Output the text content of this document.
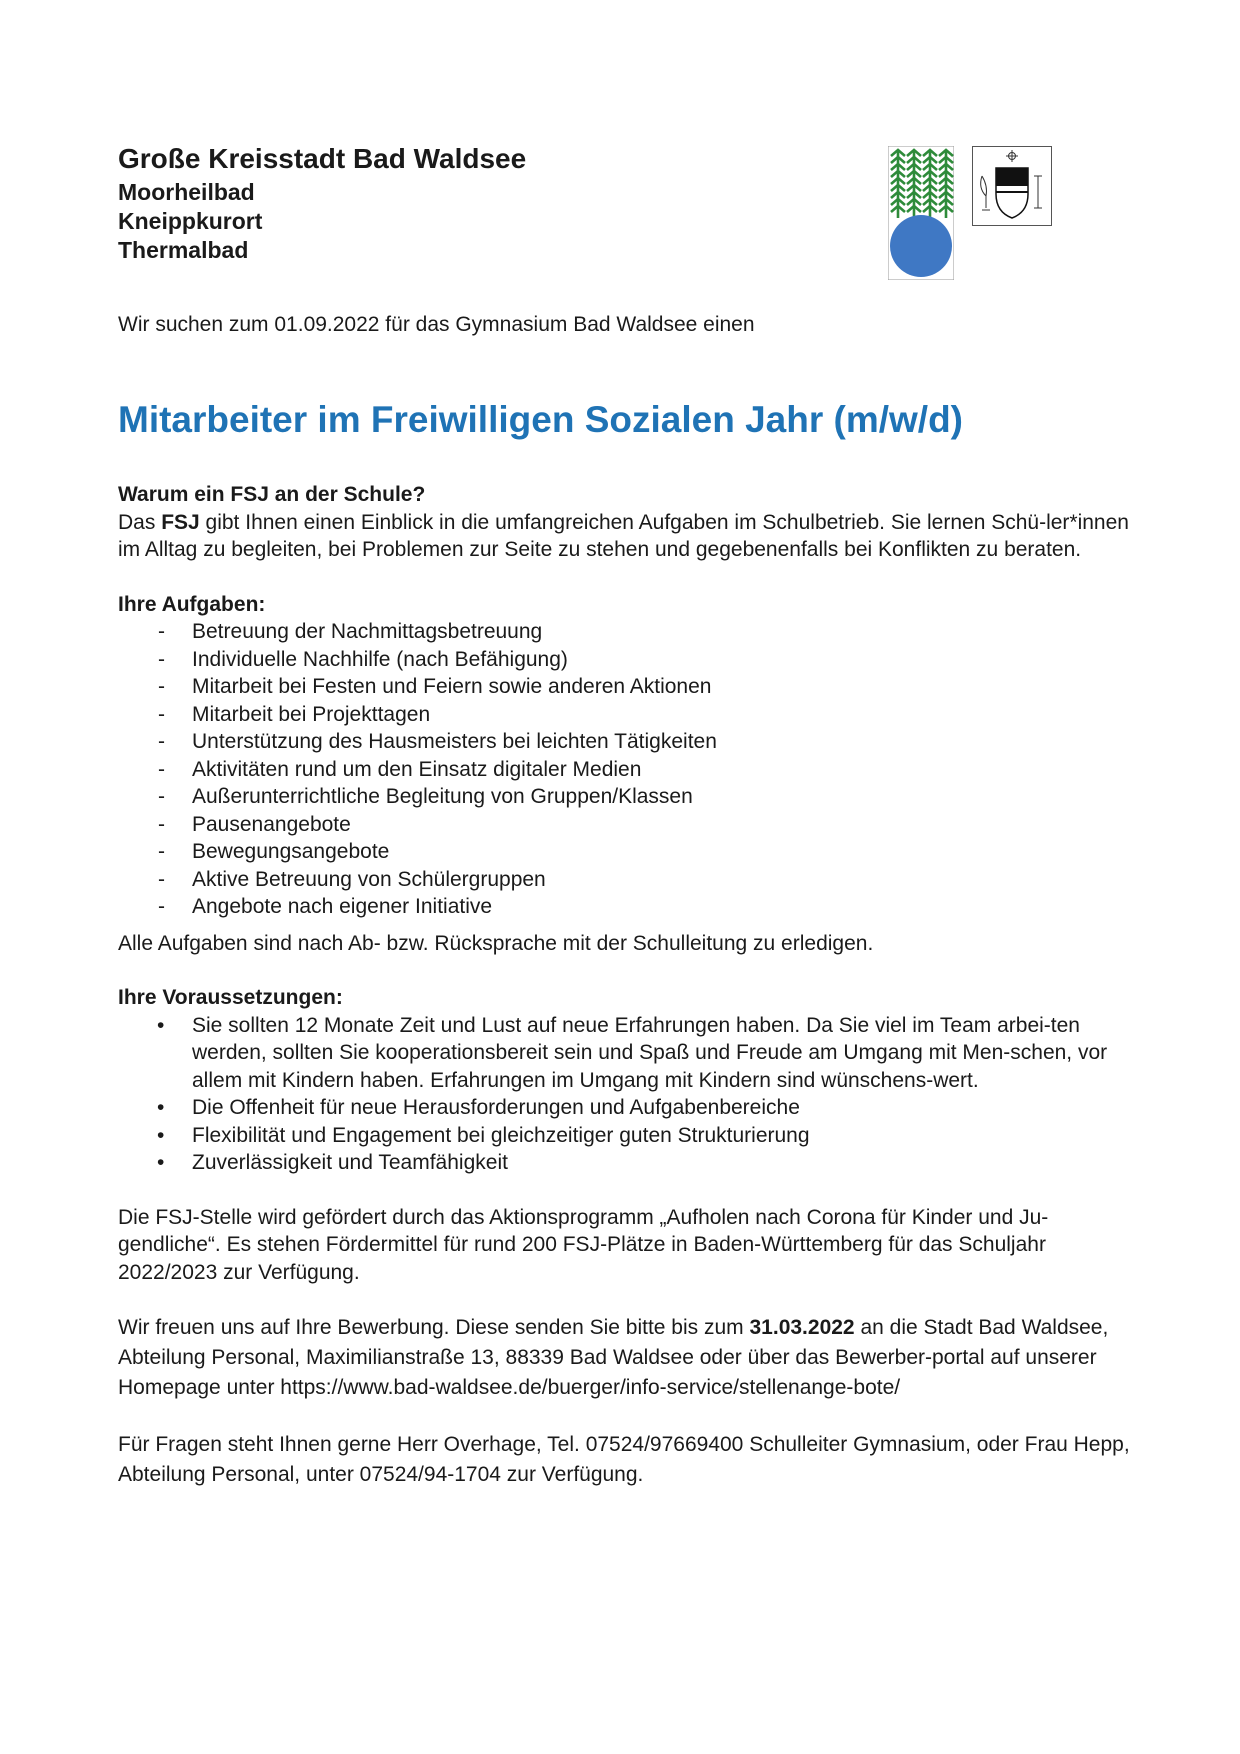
Große Kreisstadt Bad Waldsee
Moorheilbad
Kneippkurort
Thermalbad
Wir suchen zum 01.09.2022 für das Gymnasium Bad Waldsee einen
Mitarbeiter im Freiwilligen Sozialen Jahr (m/w/d)
Warum ein FSJ an der Schule?
Das FSJ gibt Ihnen einen Einblick in die umfangreichen Aufgaben im Schulbetrieb. Sie lernen Schü-ler*innen im Alltag zu begleiten, bei Problemen zur Seite zu stehen und gegebenenfalls bei Konflikten zu beraten.
Ihre Aufgaben:
- Betreuung der Nachmittagsbetreuung
- Individuelle Nachhilfe (nach Befähigung)
- Mitarbeit bei Festen und Feiern sowie anderen Aktionen
- Mitarbeit bei Projekttagen
- Unterstützung des Hausmeisters bei leichten Tätigkeiten
- Aktivitäten rund um den Einsatz digitaler Medien
- Außerunterrichtliche Begleitung von Gruppen/Klassen
- Pausenangebote
- Bewegungsangebote
- Aktive Betreuung von Schülergruppen
- Angebote nach eigener Initiative
Alle Aufgaben sind nach Ab- bzw. Rücksprache mit der Schulleitung zu erledigen.
Ihre Voraussetzungen:
• Sie sollten 12 Monate Zeit und Lust auf neue Erfahrungen haben. Da Sie viel im Team arbei-ten werden, sollten Sie kooperationsbereit sein und Spaß und Freude am Umgang mit Men-schen, vor allem mit Kindern haben. Erfahrungen im Umgang mit Kindern sind wünschens-wert.
• Die Offenheit für neue Herausforderungen und Aufgabenbereiche
• Flexibilität und Engagement bei gleichzeitiger guten Strukturierung
• Zuverlässigkeit und Teamfähigkeit
Die FSJ-Stelle wird gefördert durch das Aktionsprogramm „Aufholen nach Corona für Kinder und Ju-gendliche“. Es stehen Fördermittel für rund 200 FSJ-Plätze in Baden-Württemberg für das Schuljahr 2022/2023 zur Verfügung.
Wir freuen uns auf Ihre Bewerbung. Diese senden Sie bitte bis zum 31.03.2022 an die Stadt Bad Waldsee, Abteilung Personal, Maximilianstraße 13, 88339 Bad Waldsee oder über das Bewerber-portal auf unserer Homepage unter https://www.bad-waldsee.de/buerger/info-service/stellenange-bote/
Für Fragen steht Ihnen gerne Herr Overhage, Tel. 07524/97669400 Schulleiter Gymnasium, oder Frau Hepp, Abteilung Personal, unter 07524/94-1704 zur Verfügung.
